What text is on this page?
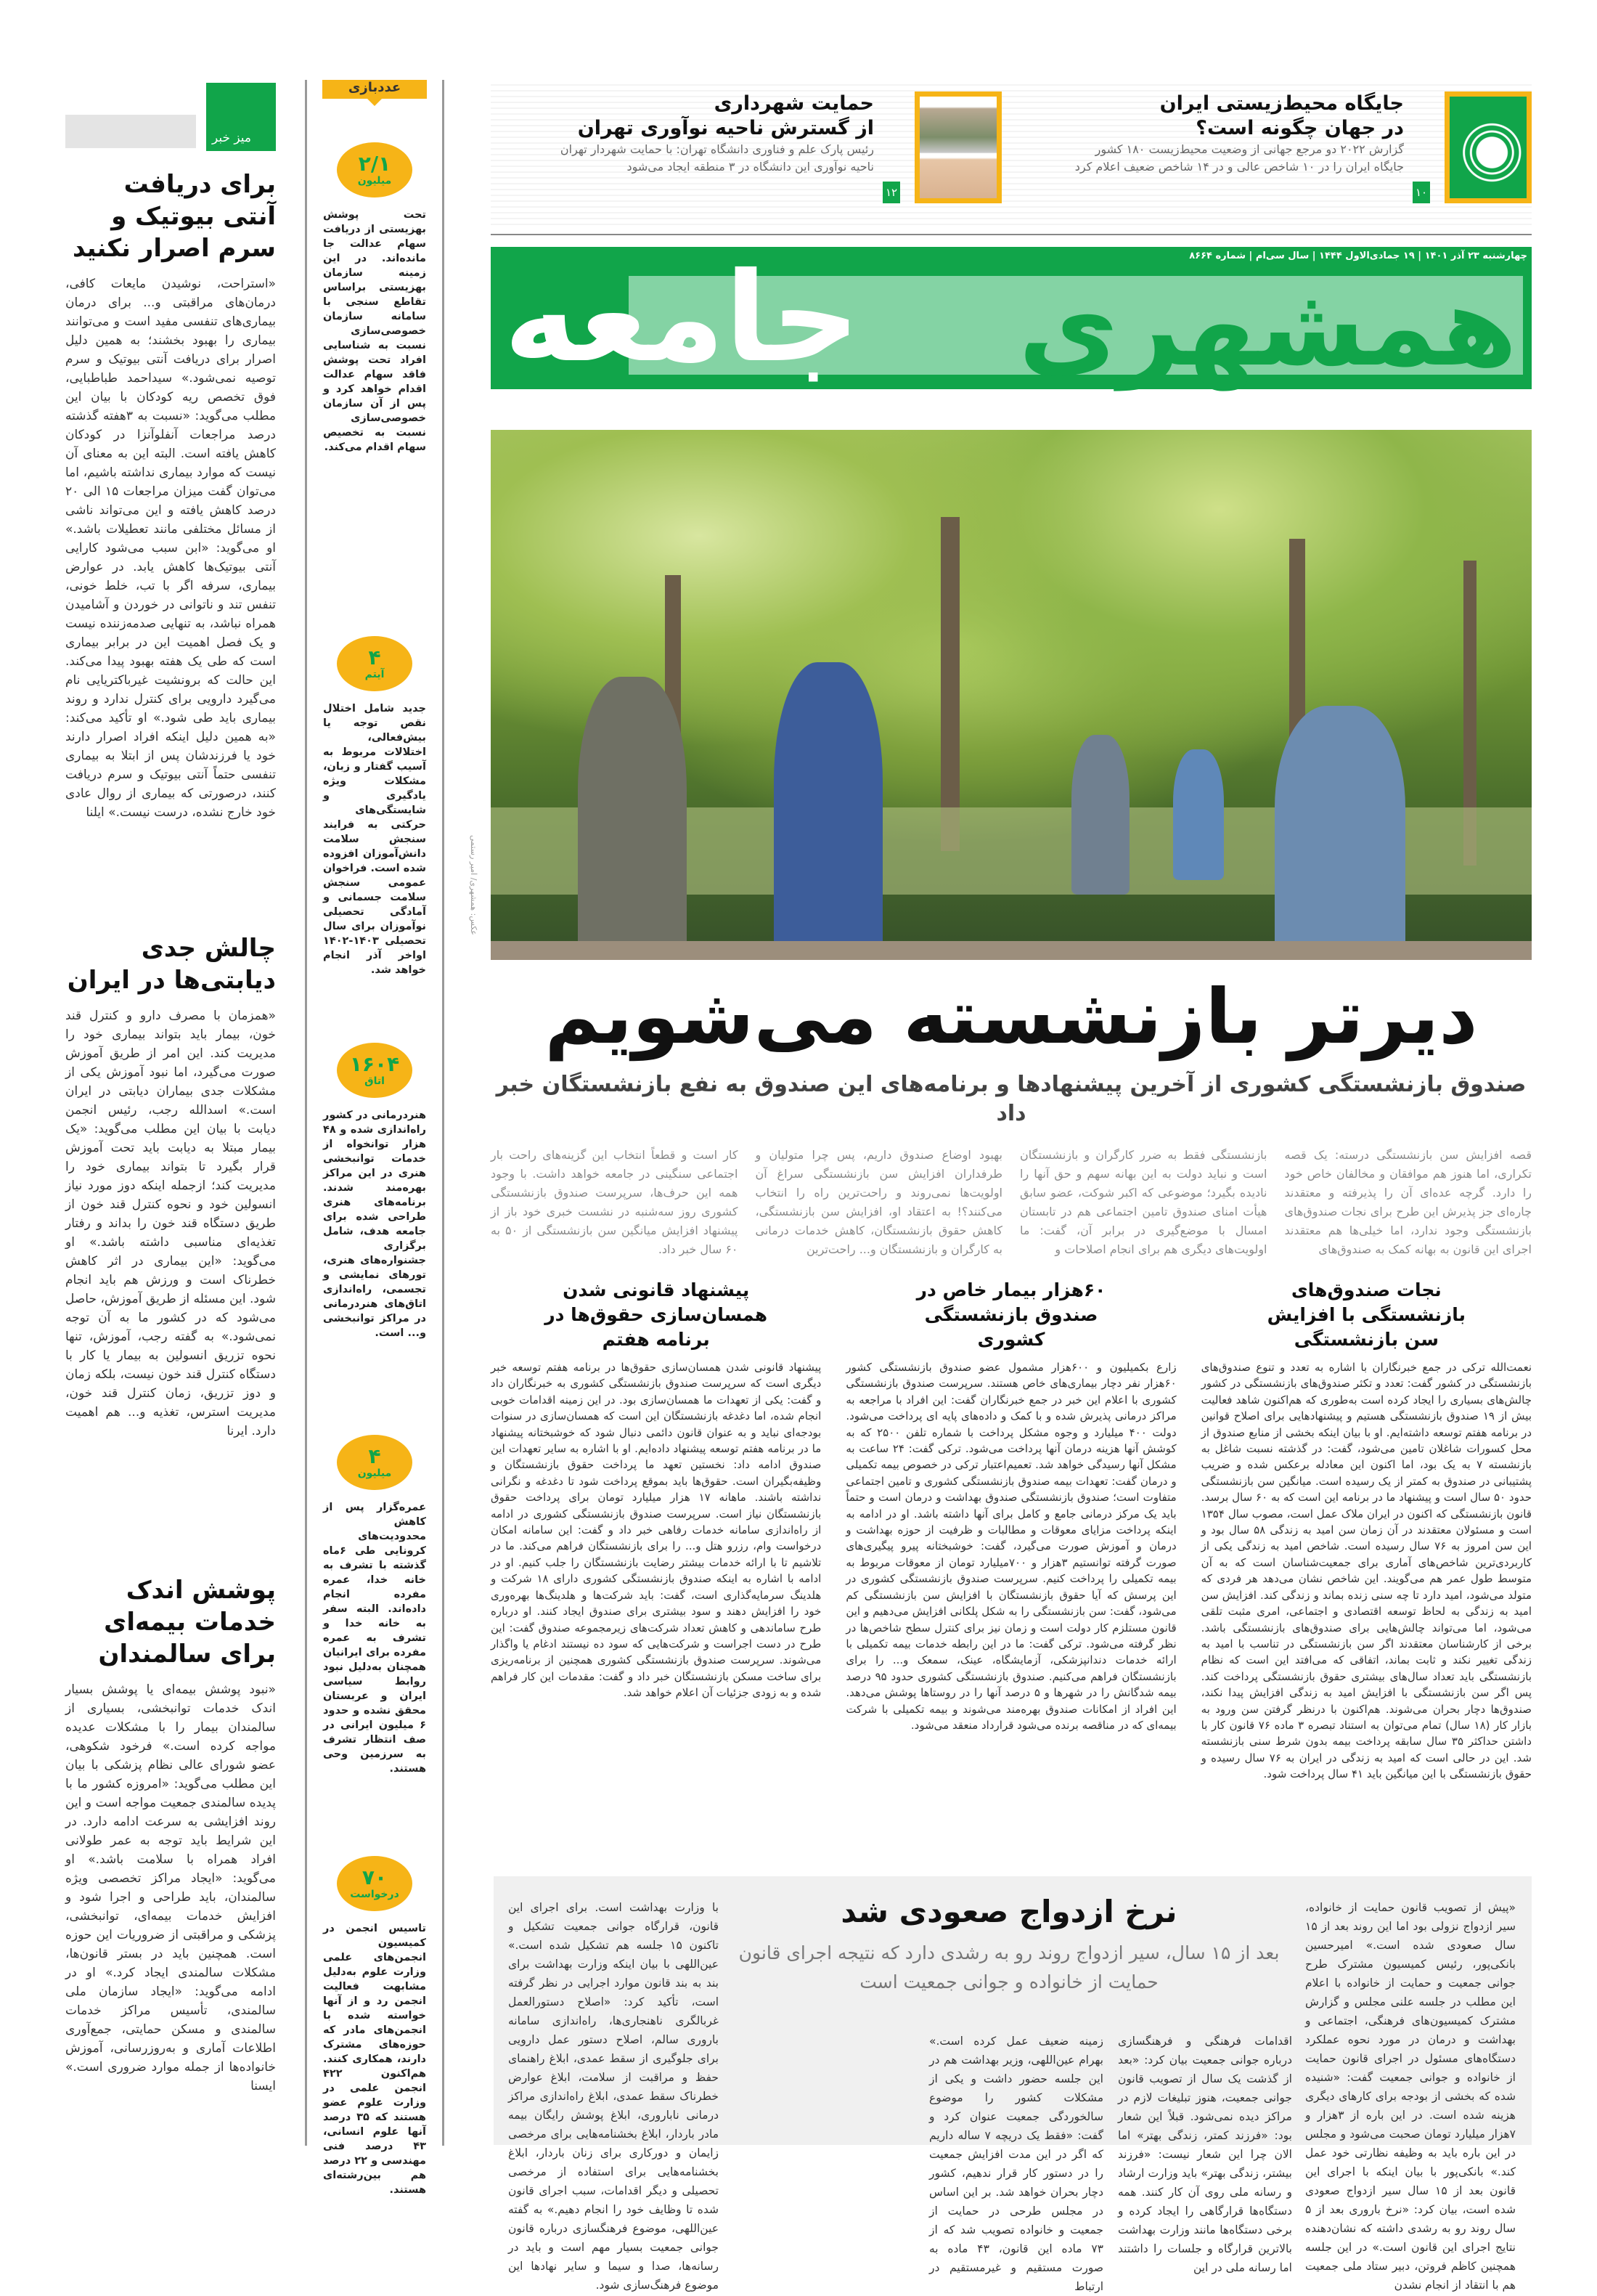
میز خبر
برای دریافت آنتی بیوتیک و سرم اصرار نکنید

«استراحت، نوشیدن مایعات کافی، درمان‌های مراقبتی و... برای درمان بیماری‌های تنفسی مفید است و می‌توانند بیماری را بهبود بخشند؛ به همین دلیل اصرار برای دریافت آنتی بیوتیک و سرم توصیه نمی‌شود.» سیداحمد طباطبایی، فوق تخصص ریه کودکان با بیان این مطلب می‌گوید: «نسبت به ۳هفته گذشته درصد مراجعات آنفلوآنزا در کودکان کاهش یافته است. البته این به معنای آن نیست که موارد بیماری نداشته باشیم، اما می‌توان گفت میزان مراجعات ۱۵ الی ۲۰ درصد کاهش یافته و این می‌تواند ناشی از مسائل مختلفی مانند تعطیلات باشد.» او می‌گوید: «ابن سبب می‌شود کارایی آنتی بیوتیک‌ها کاهش یابد. در عوارض بیماری، سرفه اگر با تب، خلط خونی، تنفس تند و ناتوانی در خوردن و آشامیدن همراه نباشد، به تنهایی صدمه‌زننده نیست و یک فصل اهمیت این در برابر بیماری است که طی یک هفته بهبود پیدا می‌کند. این حالت که برونشیت غیرباکتریایی نام می‌گیرد دارویی برای کنترل ندارد و روند بیماری باید طی شود.» او تأکید می‌کند: «به همین دلیل اینکه افراد اصرار دارند خود یا فرزندشان پس از ابتلا به بیماری تنفسی حتماً آنتی بیوتیک و سرم دریافت کنند، درصورتی که بیماری از روال عادی خود خارج نشده، درست نیست.» ایلنا

چالش جدی دیابتی‌ها در ایران

«همزمان با مصرف دارو و کنترل قند خون، بیمار باید بتواند بیماری خود را مدیریت کند. این امر از طریق آموزش صورت می‌گیرد، اما نبود آموزش یکی از مشکلات جدی بیماران دیابتی در ایران است.» اسدالله رجب، رئیس انجمن دیابت با بیان این مطلب می‌گوید: «یک بیمار مبتلا به دیابت باید تحت آموزش قرار بگیرد تا بتواند بیماری خود را مدیریت کند؛ ازجمله اینکه دوز مورد نیاز انسولین خود و نحوه کنترل قند خون از طریق دستگاه قند خون را بداند و رفتار تغذیه‌ای مناسبی داشته باشد.» او می‌گوید: «این بیماری در اثر کاهش خطرناک است و ورزش هم باید انجام شود. این مسئله از طریق آموزش، حاصل می‌شود که در کشور ما به آن توجه نمی‌شود.» به گفته رجب، آموزش، تنها نحوه تزریق انسولین به بیمار یا کار با دستگاه کنترل قند خون نیست، بلکه زمان و دوز تزریق، زمان کنترل قند خون، مدیریت استرس، تغذیه و... هم اهمیت دارد. ایرنا

پوشش اندک خدمات بیمه‌ای برای سالمندان

«نبود پوشش بیمه‌ای یا پوشش بسیار اندک خدمات توانبخشی، بسیاری از سالمندان بیمار را با مشکلات عدیده مواجه کرده است.» فرخود شکوهی، عضو شورای عالی نظام پزشکی با بیان این مطلب می‌گوید: «امروزه کشور ما با پدیده سالمندی جمعیت مواجه است و این روند افزایشی به سرعت ادامه دارد. در این شرایط باید توجه به عمر طولانی افراد همراه با سلامت باشد.» او می‌گوید: «ایجاد مراکز تخصصی ویژه سالمندان، باید طراحی و اجرا شود و افزایش خدمات بیمه‌ای، توانبخشی، پزشکی و مراقبتی از ضروریات این حوزه است. همچنین باید در بستر قانون‌ها، مشکلات سالمندی ایجاد کرد.» او در ادامه می‌گوید: «ایجاد سازمان ملی سالمندی، تأسیس مراکز خدمات سالمندی و مسکن حمایتی، جمع‌آوری اطلاعات آماری و به‌روزرسانی، آموزش خانواده‌ها از جمله موارد ضروری است.» ایسنا

عددبازی
۲/۱
میلیون

تحت پوشش بهزیستی از دریافت سهام عدالت جا مانده‌اند. در این زمینه سازمان بهزیستی براساس تقاطع سنجی با سامانه سازمان خصوصی‌سازی نسبت به شناسایی افراد تحت پوشش فاقد سهام عدالت اقدام خواهد کرد و پس از آن سازمان خصوصی‌سازی نسبت به تخصیص سهام اقدام می‌کند.

۴
آیتم

جدید شامل اختلال نقص توجه یا بیش‌فعالی، اختلالات مربوط به آسیب گفتار و زبان، مشکلات ویژه یادگیری و شایستگی‌های حرکتی به فرایند سنجش سلامت دانش‌آموزان افزوده شده است. فراخوان عمومی سنجش سلامت جسمانی و آمادگی تحصیلی نوآموزان برای سال تحصیلی ۱۴۰۳-۱۴۰۲ اواخر آذر انجام خواهد شد.

۱۶۰۴
اتاق

هنردرمانی در کشور راه‌اندازی شده و ۴۸ هزار توانخواه از خدمات توانبخشی هنری در این مراکز بهره‌مند شدند. برنامه‌های هنری طراحی شده برای جامعه هدف، شامل برگزاری جشنواره‌های هنری، تورهای نمایشی و تجسمی، راه‌اندازی اتاق‌های هنردرمانی در مراکز توانبخشی و... است.

۴
میلیون

عمره‌گزار پس از کاهش محدودیت‌های کرونایی طی ۶ماه گذشته با تشرف به خانه خدا، عمره مفرده انجام داده‌اند. البته سفر به خانه خدا و تشرف به عمره مفرده برای ایرانیان همچنان به‌دلیل نبود روابط سیاسی ایران و عربستان محقق نشده و حدود ۶ میلیون ایرانی در صف انتظار تشرف به سرزمین وحی هستند.

۷۰
درخواست

تاسیس انجمن در کمیسیون انجمن‌های علمی وزارت علوم به‌دلیل مشابهت فعالیت انجمن رد و از آنها خواسته شده با انجمن‌های مادر که حوزه‌های مشترک دارند، همکاری کنند. هم‌اکنون ۴۲۲ انجمن علمی در وزارت علوم عضو هستند که ۳۵ درصد آنها علوم انسانی، ۴۳ درصد فنی مهندسی و ۲۲ درصد هم بین‌رشته‌ای هستند.

۱۰
جایگاه محیط‌زیستی ایران
در جهان چگونه است؟

گزارش ۲۰۲۲ دو مرجع جهانی از وضعیت محیط‌زیست ۱۸۰ کشور

جایگاه ایران را در ۱۰ شاخص عالی و در ۱۴ شاخص ضعیف اعلام کرد

۱۲
حمایت شهرداری
از گسترش ناحیه نوآوری تهران

رئیس پارک علم و فناوری دانشگاه تهران: با حمایت شهردار تهران

ناحیه نوآوری این دانشگاه در ۳ منطقه ایجاد می‌شود

همشهری
جامعه	چهارشنبه ۲۳ آذر ۱۴۰۱ | ۱۹ جمادی‌الاول ۱۴۴۴ | سال سی‌ام | شماره ۸۶۶۴
عکس: همشهری/ امیر رستمی
دیرتر بازنشسته می‌شویم
صندوق بازنشستگی کشوری از آخرین پیشنهادها و برنامه‌های این صندوق به نفع بازنشستگان خبر داد

قصه افزایش سن بازنشستگی درسته: یک قصه تکراری، اما هنوز هم موافقان و مخالفان خاص خود را دارد. گرچه عده‌ای آن را پذیرفته و معتقدند چاره‌ای جز پذیرش این طرح برای نجات صندوق‌های بازنشستگی وجود ندارد، اما خیلی‌ها هم معتقدند اجرای این قانون به بهانه کمک به صندوق‌های

بازنشستگی فقط به ضرر کارگران و بازنشستگان است و نباید دولت به این بهانه سهم و حق آنها را نادیده بگیرد؛ موضوعی که اکبر شوکت، عضو سابق هیأت امنای صندوق تامین اجتماعی هم در تابستان امسال با موضع‌گیری در برابر آن، گفت: ما اولویت‌های دیگری هم برای انجام اصلاحات و

بهبود اوضاع صندوق داریم، پس چرا متولیان و طرفداران افزایش سن بازنشستگی سراغ آن اولویت‌ها نمی‌روند و راحت‌ترین راه را انتخاب می‌کنند؟! به اعتقاد او، افزایش سن بازنشستگی، کاهش حقوق بازنشستگان، کاهش خدمات درمانی به کارگران و بازنشستگان و... راحت‌ترین

کار است و قطعاً انتخاب این گزینه‌های راحت بار اجتماعی سنگینی در جامعه خواهد داشت. با وجود همه این حرف‌ها، سرپرست صندوق بازنشستگی کشوری روز سه‌شنبه در نشست خبری خود باز از پیشنهاد افزایش میانگین سن بازنشستگی از ۵۰ به ۶۰ سال خبر داد.

نجات صندوق‌های بازنشستگی با افزایش سن بازنشستگی

نعمت‌الله ترکی در جمع خبرنگاران با اشاره به تعدد و تنوع صندوق‌های بازنشستگی در کشور گفت: تعدد و تکثر صندوق‌های بازنشستگی در کشور چالش‌های بسیاری را ایجاد کرده است به‌طوری که هم‌اکنون شاهد فعالیت بیش از ۱۹ صندوق بازنشستگی هستیم و پیشنهادهایی برای اصلاح قوانین در برنامه هفتم توسعه داشته‌ایم. او با بیان اینکه بخشی از منابع صندوق از محل کسورات شاغلان تامین می‌شود، گفت: در گذشته نسبت شاغل به بازنشسته ۷ به یک بود، اما اکنون این معادله برعکس شده و ضریب پشتیبانی در صندوق به کمتر از یک رسیده است. میانگین سن بازنشستگی حدود ۵۰ سال است و پیشنهاد ما در برنامه این است که به ۶۰ سال برسد. قانون بازنشستگی که اکنون در ایران ملاک عمل است، مصوب سال ۱۳۵۴ است و مسئولان معتقدند در آن زمان سن امید به زندگی ۵۸ سال بود و این سن امروز به ۷۶ سال رسیده است. شاخص امید به زندگی یکی از کاربردی‌ترین شاخص‌های آماری برای جمعیت‌شناسان است که به آن متوسط طول عمر هم می‌گویند. این شاخص نشان می‌دهد هر فردی که متولد می‌شود، امید دارد تا چه سنی زنده بماند و زندگی کند. افزایش سن امید به زندگی به لحاظ توسعه اقتصادی و اجتماعی، امری مثبت تلقی می‌شود، اما می‌تواند چالش‌هایی برای صندوق‌های بازنشستگی باشد. برخی از کارشناسان معتقدند اگر سن بازنشستگی در تناسب با امید به زندگی تغییر نکند و ثابت بماند، اتفاقی که می‌افتد این است که نظام بازنشستگی باید تعداد سال‌های بیشتری حقوق بازنشستگی پرداخت کند. پس اگر سن بازنشستگی با افزایش امید به زندگی افزایش پیدا نکند، صندوق‌ها دچار بحران می‌شوند. هم‌اکنون با درنظر گرفتن سن ورود به بازار کار (۱۸ سال) تمام می‌توان به استناد تبصره ۳ ماده ۷۶ قانون کار با داشتن حداکثر ۳۵ سال سابقه پرداخت بیمه بدون شرط سنی بازنشسته شد. این در حالی است که امید به زندگی در ایران به ۷۶ سال رسیده و حقوق بازنشستگی با این میانگین باید ۴۱ سال پرداخت شود.

۶۰هزار بیمار خاص در صندوق بازنشستگی کشوری

زارع بکمیلیون و ۶۰۰هزار مشمول عضو صندوق بازنشستگی کشور ۶۰هزار نفر دچار بیماری‌های خاص هستند. سرپرست صندوق بازنشستگی کشوری با اعلام این خبر در جمع خبرنگاران گفت: این افراد با مراجعه به مراکز درمانی پذیرش شده و با کمک و داده‌های پایه ای پرداخت می‌شود. دولت ۴۰۰ میلیارد و وجوه مشکل پرداخت با شماره تلفن ۲۵۰۰ که به کوشش آنها هزینه درمان آنها پرداخت می‌شود. ترکی گفت: ۲۴ ساعت به مشکل آنها رسیدگی خواهد شد. تعمیم‌اعتبار ترکی در خصوص بیمه تکمیلی و درمان گفت: تعهدات بیمه صندوق بازنشستگی کشوری و تامین اجتماعی متفاوت است؛ صندوق بازنشستگی صندوق بهداشت و درمان است و حتماً باید یک مرکز درمانی جامع و کامل برای آنها داشته باشد. او در ادامه به اینکه پرداخت مزایای معوقات و مطالبات و ظرفیت از حوزه بهداشت و درمان و آموزش صورت می‌گیرد، گفت: خوشبختانه پیرو پیگیری‌های صورت گرفته توانستیم ۳هزار و ۷۰۰میلیارد تومان از معوقات مربوط به بیمه تکمیلی را پرداخت کنیم. سرپرست صندوق بازنشستگی کشوری در این پرسش که آیا حقوق بازنشستگان با افزایش سن بازنشستگی کم می‌شود، گفت: سن بازنشستگی را به شکل پلکانی افزایش می‌دهیم و این قانون مستلزم کار دولت است و زمان نیز برای کنترل سطح شاخص‌ها در نظر گرفته می‌شود. ترکی گفت: ما در این رابطه خدمات بیمه تکمیلی با ارائه خدمات دندانپزشکی، آزمایشگاه، عینک، سمعک و... را برای بازنشستگان فراهم می‌کنیم. صندوق بازنشستگی کشوری حدود ۹۵ درصد بیمه شدگانش را در شهرها و ۵ درصد آنها را در روستاها پوشش می‌دهد. این افراد از امکانات صندوق بهره‌مند می‌شوند و بیمه تکمیلی با شرکت بیمه‌ای که در مناقصه برنده می‌شود قرارداد منعقد می‌شود.

پیشنهاد قانونی شدن همسان‌سازی حقوق‌ها در برنامه هفتم

پیشنهاد قانونی شدن همسان‌سازی حقوق‌ها در برنامه هفتم توسعه خبر دیگری است که سرپرست صندوق بازنشستگی کشوری به خبرنگاران داد و گفت: یکی از تعهدات ما همسان‌سازی بود. در این زمینه اقدامات خوبی انجام شده، اما دغدغه بازنشستگان این است که همسان‌سازی در سنوات بودجه‌ای نباید و به عنوان قانون دائمی دنبال شود که خوشبختانه پیشنهاد ما در برنامه هفتم توسعه پیشنهاد داده‌ایم. او با اشاره به سایر تعهدات این صندوق ادامه داد: نخستین تعهد ما پرداخت حقوق بازنشستگان و وظیفه‌بگیران است. حقوق‌ها باید بموقع پرداخت شود تا دغدغه و نگرانی نداشته باشند. ماهانه ۱۷ هزار میلیارد تومان برای پرداخت حقوق بازنشستگان نیاز است. سرپرست صندوق بازنشستگی کشوری در ادامه از راه‌اندازی سامانه خدمات رفاهی خبر داد و گفت: این سامانه امکان درخواست وام، رزرو هتل و... را برای بازنشستگان فراهم می‌کند. ما در تلاشیم تا با ارائه خدمات بیشتر رضایت بازنشستگان را جلب کنیم. او در ادامه با اشاره به اینکه صندوق بازنشستگی کشوری دارای ۱۸ شرکت و هلدینگ سرمایه‌گذاری است، گفت: باید شرکت‌ها و هلدینگ‌ها بهره‌وری خود را افزایش دهند و سود بیشتری برای صندوق ایجاد کنند. او درباره طرح ساماندهی و کاهش تعداد شرکت‌های زیرمجموعه صندوق گفت: این طرح در دست اجراست و شرکت‌هایی که سود ده نیستند ادغام یا واگذار می‌شوند. سرپرست صندوق بازنشستگی کشوری همچنین از برنامه‌ریزی برای ساخت مسکن بازنشستگان خبر داد و گفت: مقدمات این کار فراهم شده و به زودی جزئیات آن اعلام خواهد شد.

«پیش از تصویب قانون حمایت از خانواده، سیر ازدواج نزولی بود اما این روند بعد از ۱۵ سال صعودی شده است.» امیرحسین بانکی‌پور، رئیس کمیسیون مشترک طرح جوانی جمعیت و حمایت از خانواده با اعلام این مطلب در جلسه علنی مجلس و گزارش مشترک کمیسیون‌های فرهنگی، اجتماعی و بهداشت و درمان در مورد نحوه عملکرد دستگاه‌های مسئول در اجرای قانون حمایت از خانواده و جوانی جمعیت گفت: «شنیده شده که بخشی از بودجه برای کارهای دیگری هزینه شده است. در این باره از ۳هزار و ۷هزار میلیارد تومان صحبت می‌شود و مجلس در این باره باید به وظیفه نظارتی خود عمل کند.» بانکی‌پور با بیان اینکه با اجرای این قانون بعد از ۱۵ سال سیر ازدواج صعودی شده است، بیان کرد: «نرخ باروری بعد از ۵ سال روند رو به رشدی داشته که نشان‌دهنده نتایج اجرای این قانون است.» در این جلسه همچنین کاظم فروتن، دبیر ستاد ملی جمعیت هم با انتقاد از انجام نشدن

نرخ ازدواج صعودی شد

بعد از ۱۵ سال، سیر ازدواج روند رو به رشدی دارد که نتیجه اجرای قانون حمایت از خانواده و جوانی جمعیت است

اقدامات فرهنگی و فرهنگسازی درباره جوانی جمعیت بیان کرد: «بعد از گذشت یک سال از تصویب قانون جوانی جمعیت، هنوز تبلیغات لازم در مراکز دیده نمی‌شود. قبلاً این شعار بود: «فرزند کمتر، زندگی بهتر» اما الان چرا این شعار نیست: «فرزند بیشتر، زندگی بهتر» باید وزارت ارشاد و رسانه ملی روی آن کار کنند. همه دستگاه‌ها قرارگاهی را ایجاد کرده و برخی دستگاه‌ها مانند وزارت بهداشت بالاترین قرارگاه و جلسات را داشتند اما رسانه ملی در این

زمینه ضعیف عمل کرده است.» بهرام عین‌اللهی، وزیر بهداشت هم در این جلسه حضور داشت و یکی از مشکلات کشور را موضوع سالخوردگی جمعیت عنوان کرد و گفت: «فقط یک دریچه ۷ ساله داریم که اگر در این مدت افزایش جمعیت را در دستور کار قرار ندهیم، کشور دچار بحران خواهد شد. بر این اساس در مجلس طرحی در حمایت از جمعیت و خانواده تصویب شد که از ۷۳ ماده این قانون، ۴۳ ماده به صورت مستقیم و غیرمستقیم در ارتباط

با وزارت بهداشت است. برای اجرای این قانون، قرارگاه جوانی جمعیت تشکیل و تاکنون ۱۵ جلسه هم تشکیل شده است.» عین‌اللهی با بیان اینکه وزارت بهداشت برای بند به بند قانون موارد اجرایی در نظر گرفته است، تأکید کرد: «اصلاح دستورالعمل غربالگری ناهنجاری‌ها، راه‌اندازی سامانه باروری سالم، اصلاح دستور عمل دارویی برای جلوگیری از سقط عمدی، ابلاغ راهنمای حفظ و مراقبت از سلامت، ابلاغ عوارض خطرناک سقط عمدی، ابلاغ راه‌اندازی مراکز درمانی ناباروری، ابلاغ پوشش رایگان بیمه مادر باردار، ابلاغ بخشنامه‌هایی برای مرخصی زایمان و دورکاری برای زنان باردار، ابلاغ بخشنامه‌هایی برای استفاده از مرخصی تحصیلی و دیگر اقدامات، سبب اجرای قانون شده تا وظایف خود را انجام دهیم.» به گفته عین‌اللهی، موضوع فرهنگسازی درباره قانون جوانی جمعیت بسیار مهم است و باید در رسانه‌ها، صدا و سیما و سایر نهادها این موضوع فرهنگ‌سازی شود.
